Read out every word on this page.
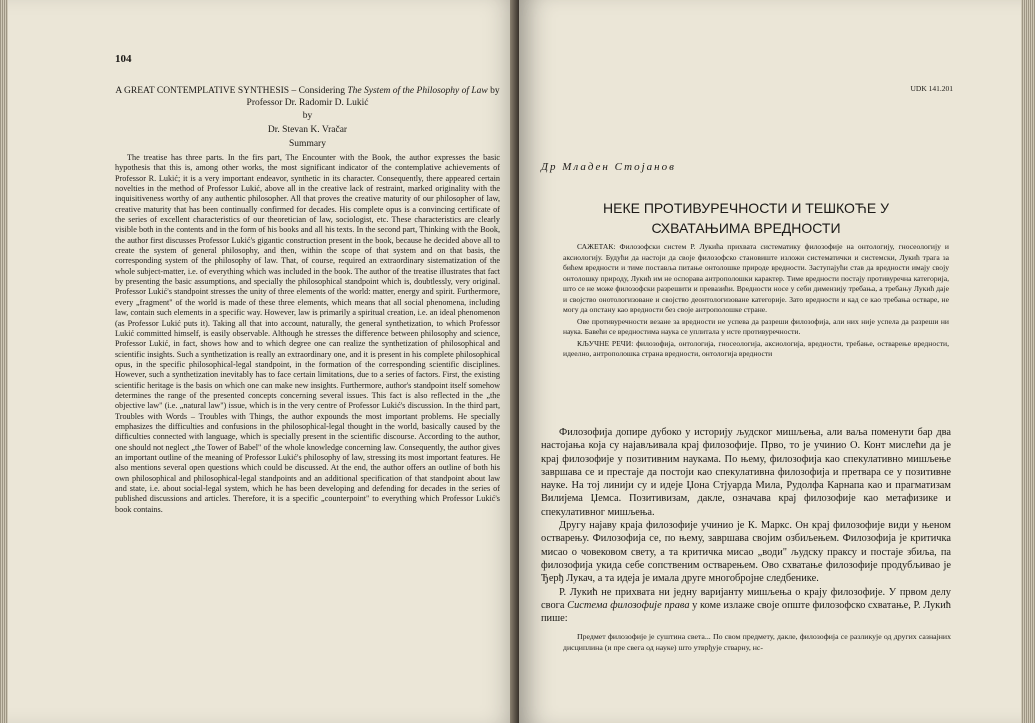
104
A GREAT CONTEMPLATIVE SYNTHESIS – Considering The System of the Philosophy of Law by Professor Dr. Radomir D. Lukić
by
Dr. Stevan K. Vračar
Summary

The treatise has three parts. In the firs part, The Encounter with the Book, the author expresses the basic hypothesis that this is, among other works, the most significant indicator of the contemplative achievements of Professor R. Lukić; it is a very important endeavor, synthetic in its character. Consequently, there appeared certain novelties in the method of Professor Lukić, above all in the creative lack of restraint, marked originality with the inquisitiveness worthy of any authentic philosopher. All that proves the creative maturity of our philosopher of law, creative maturity that has been continually confirmed for decades. His complete opus is a convincing certificate of the series of excellent characteristics of our theoretician of law, sociologist, etc. These characteristics are clearly visible both in the contents and in the form of his books and all his texts. In the second part, Thinking with the Book, the author first discusses Professor Lukić's gigantic construction present in the book, because he decided above all to create the system of general philosophy, and then, within the scope of that system and on that basis, the corresponding system of the philosophy of law. That, of course, required an extraordinary sistematization of the whole subject-matter, i.e. of everything which was included in the book. The author of the treatise illustrates that fact by presenting the basic assumptions, and specially the philosophical standpoint which is, doubtlessly, very original. Professor Lukić's standpoint stresses the unity of three elements of the world: matter, energy and spirit. Furthermore, every „fragment" of the world is made of these three elements, which means that all social phenomena, including law, contain such elements in a specific way. However, law is primarily a spiritual creation, i.e. an ideal phenomenon (as Professor Lukić puts it). Taking all that into account, naturally, the general synthetization, to which Professor Lukić committed himself, is easily observable. Although he stresses the difference between philosophy and science, Professor Lukić, in fact, shows how and to which degree one can realize the synthetization of philosophical and scientific insights. Such a synthetization is really an extraordinary one, and it is present in his complete philosophical opus, in the specific philosophical-legal standpoint, in the formation of the corresponding scientific disciplines. However, such a synthetization inevitably has to face certain limitations, due to a series of factors. First, the existing scientific heritage is the basis on which one can make new insights. Furthermore, author's standpoint itself somehow determines the range of the presented concepts concerning several issues. This fact is also reflected in the „the objective law" (i.e. „natural law") issue, which is in the very centre of Professor Lukić's discussion. In the third part, Troubles with Words – Troubles with Things, the author expounds the most important problems. He specially emphasizes the difficulties and confusions in the philosophical-legal thought in the world, basically caused by the difficulties connected with language, which is specially present in the scientific discourse. According to the author, one should not neglect „the Tower of Babel" of the whole knowledge concerning law. Consequently, the author gives an important outline of the meaning of Professor Lukić's philosophy of law, stressing its most important features. He also mentions several open questions which could be discussed. At the end, the author offers an outline of both his own philosophical and philosophical-legal standpoints and an additional specification of that standpoint about law and state, i.e. about social-legal system, which he has been developing and defending for decades in the series of published discussions and articles. Therefore, it is a specific „counterpoint" to everything which Professor Lukić's book contains.

UDK 141.201
Др Младен Стојанов
НЕКЕ ПРОТИВУРЕЧНОСТИ И ТЕШКОЋЕ У
СХВАТАЊИМА ВРЕДНОСТИ

САЖЕТАК: Филозофски систем Р. Лукића прихвата систематику филозофије на онтологију, гносеологију и аксиологију. Будући да настоји да своје филозофско становиште изложи систематички и системски, Лукић трага за бићем вредности и тиме поставља питање онтолошке природе вредности. Заступајући став да вредности имају своју онтолошку природу, Лукић им не оспорава антрополошки карактер. Тиме вредности постају противуречна категорија, што се не може филозофски разрешити и превазићи. Вредности носе у себи димензију требања, а требању Лукић даје и својство онотологизоване и својство деонтологизоване категорије. Зато вредности и кад се као требања остваре, не могу да опстану као вредности без своје антрополошке стране.

Ове противуречности везане за вредности не успева да разреши филозофија, али них није успела да разреши ни наука. Бавећи се вредностима наука се уплитала у исте противуречности.

КЉУЧНЕ РЕЧИ: филозофија, онтологија, гносеологија, аксиологија, вредности, требање, остварење вредности, идеелно, антрополошка страна вредности, онтологија вредности

Филозофија допире дубоко у историју људског мишљења, али ваља поменути бар два настојања која су најављивала крај филозофије. Прво, то је учинио О. Конт мислећи да је крај филозофије у позитивним наукама. По њему, филозофија као спекулативно мишљење завршава се и престаје да постоји као спекулативна филозофија и претвара се у позитивне науке. На тој линији су и идеје Џона Стјуарда Мила, Рудолфа Карнапа као и прагматизам Вилијема Џемса. Позитивизам, дакле, означава крај филозофије као метафизике и спекулативног мишљења.

Другу најаву краја филозофије учинио је К. Маркс. Он крај филозофије види у њеном остварењу. Филозофија се, по њему, завршава својим озбиљењем. Филозофија је критичка мисао о човековом свету, а та критичка мисао „води" људску праксу и постаје збиља, па филозофија укида себе сопственим остварењем. Ово схватање филозофије продубљивао је Ђерђ Лукач, а та идеја је имала друге многобројне следбенике.

Р. Лукић не прихвата ни једну варијанту мишљења о крају филозофије. У првом делу свога Система филозофије права у коме излаже своје опште филозофско схватање, Р. Лукић пише:

Предмет филозофије је суштина света... По свом предмету, дакле, филозофија се разликује од других сазнајних дисциплина (и пре свега од науке) што утврђује стварну, нс-
